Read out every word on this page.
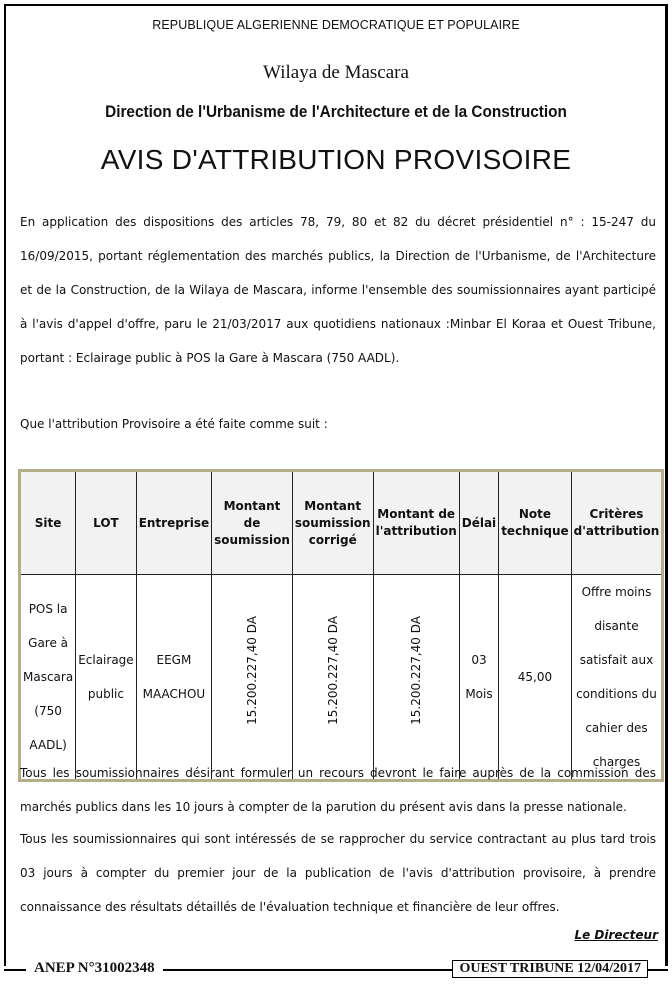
REPUBLIQUE ALGERIENNE DEMOCRATIQUE ET POPULAIRE
Wilaya de Mascara
Direction de l'Urbanisme de l'Architecture et de la Construction
AVIS D'ATTRIBUTION PROVISOIRE
En application des dispositions des articles 78, 79, 80 et 82 du décret présidentiel n° : 15-247 du 16/09/2015, portant réglementation des marchés publics, la Direction de l'Urbanisme, de l'Architecture et de la Construction, de la Wilaya de Mascara, informe l'ensemble des soumissionnaires ayant participé à l'avis d'appel d'offre, paru le 21/03/2017 aux quotidiens nationaux :Minbar El Koraa et Ouest Tribune, portant : Eclairage public à POS la Gare à Mascara (750 AADL).
Que l'attribution Provisoire a été faite comme suit :
Site	LOT	Entreprise	Montant de soumission	Montant soumission corrigé	Montant de l'attribution	Délai	Note technique	Critères d'attribution
POS la Gare à Mascara (750 AADL)	Eclairage public	EEGM MAACHOU	15.200.227,40 DA	15.200.227,40 DA	15.200.227,40 DA	03 Mois	45,00	Offre moins disante satisfait aux conditions du cahier des charges
Tous les soumissionnaires désirant formuler un recours devront le faire auprès de la commission des marchés publics dans les 10 jours à compter de la parution du présent avis dans la presse nationale.
Tous les soumissionnaires qui sont intéressés de se rapprocher du service contractant au plus tard trois 03 jours à compter du premier jour de la publication de l'avis d'attribution provisoire, à prendre connaissance des résultats détaillés de l'évaluation technique et financière de leur offres.
Le Directeur
ANEP N°31002348	OUEST TRIBUNE 12/04/2017
